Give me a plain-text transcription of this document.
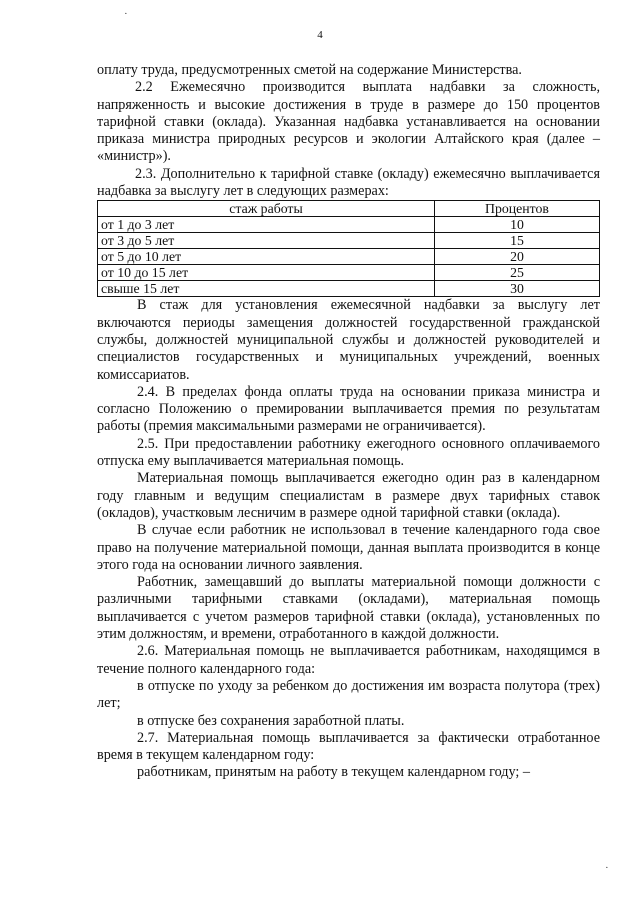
4

оплату труда, предусмотренных сметой на содержание Министерства.

2.2 Ежемесячно производится выплата надбавки за сложность, напряженность и высокие достижения в труде в размере до 150 процентов тарифной ставки (оклада). Указанная надбавка устанавливается на основании приказа министра природных ресурсов и экологии Алтайского края (далее – «министр»).

2.3. Дополнительно к тарифной ставке (окладу) ежемесячно выплачивается надбавка за выслугу лет в следующих размерах:

стаж работы	Процентов
от 1 до 3 лет	10
от 3 до 5 лет	15
от 5 до 10 лет	20
от 10 до 15 лет	25
свыше 15 лет	30

В стаж для установления ежемесячной надбавки за выслугу лет включаются периоды замещения должностей государственной гражданской службы, должностей муниципальной службы и должностей руководителей и специалистов государственных и муниципальных учреждений, военных комиссариатов.

2.4. В пределах фонда оплаты труда на основании приказа министра и согласно Положению о премировании выплачивается премия по результатам работы (премия максимальными размерами не ограничивается).

2.5. При предоставлении работнику ежегодного основного оплачиваемого отпуска ему выплачивается материальная помощь.

Материальная помощь выплачивается ежегодно один раз в календарном году главным и ведущим специалистам в размере двух тарифных ставок (окладов), участковым лесничим в размере одной тарифной ставки (оклада).

В случае если работник не использовал в течение календарного года свое право на получение материальной помощи, данная выплата производится в конце этого года на основании личного заявления.

Работник, замещавший до выплаты материальной помощи должности с различными тарифными ставками (окладами), материальная помощь выплачивается с учетом размеров тарифной ставки (оклада), установленных по этим должностям, и времени, отработанного в каждой должности.

2.6. Материальная помощь не выплачивается работникам, находящимся в течение полного календарного года:

в отпуске по уходу за ребенком до достижения им возраста полутора (трех) лет;

в отпуске без сохранения заработной платы.

2.7. Материальная помощь выплачивается за фактически отработанное время в текущем календарном году:

работникам, принятым на работу в текущем календарном году; –

·
·
